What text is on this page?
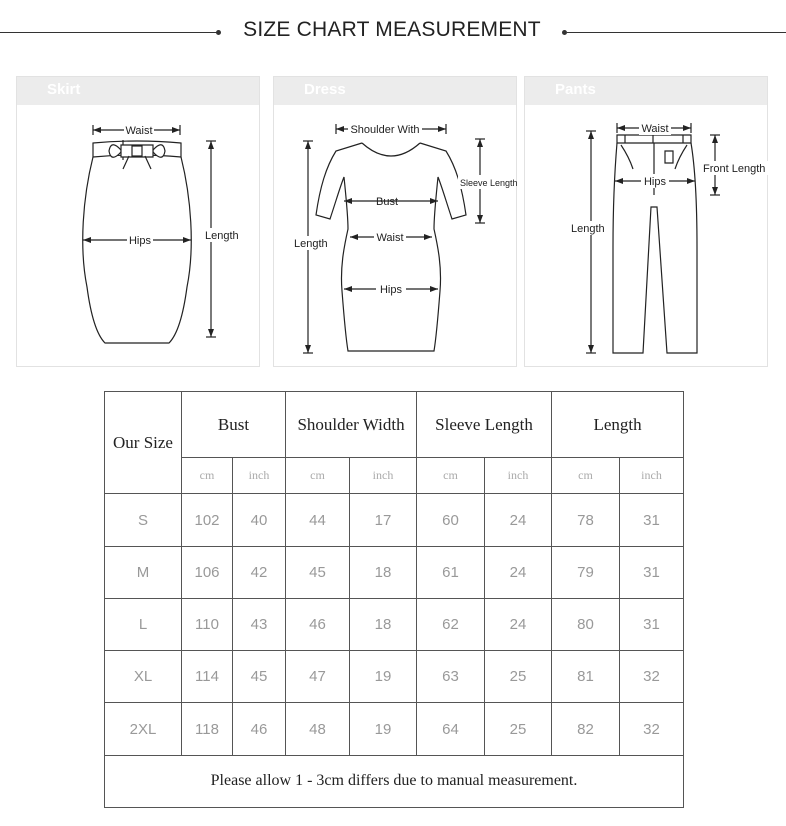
SIZE CHART MEASUREMENT
Skirt
Waist
Hips	Length
Dress
Shoulder With
Sleeve Length
Bust
Waist
Length
Hips
Pants
Waist
Front Length
Hips
Length
Our Size	Bust		Shoulder Width		Sleeve Length		Length	
	cm	inch	cm	inch	cm	inch	cm	inch
S	102	40	44	17	60	24	78	31
M	106	42	45	18	61	24	79	31
L	110	43	46	18	62	24	80	31
XL	114	45	47	19	63	25	81	32
2XL	118	46	48	19	64	25	82	32
Please allow 1 - 3cm differs due to manual measurement.								
